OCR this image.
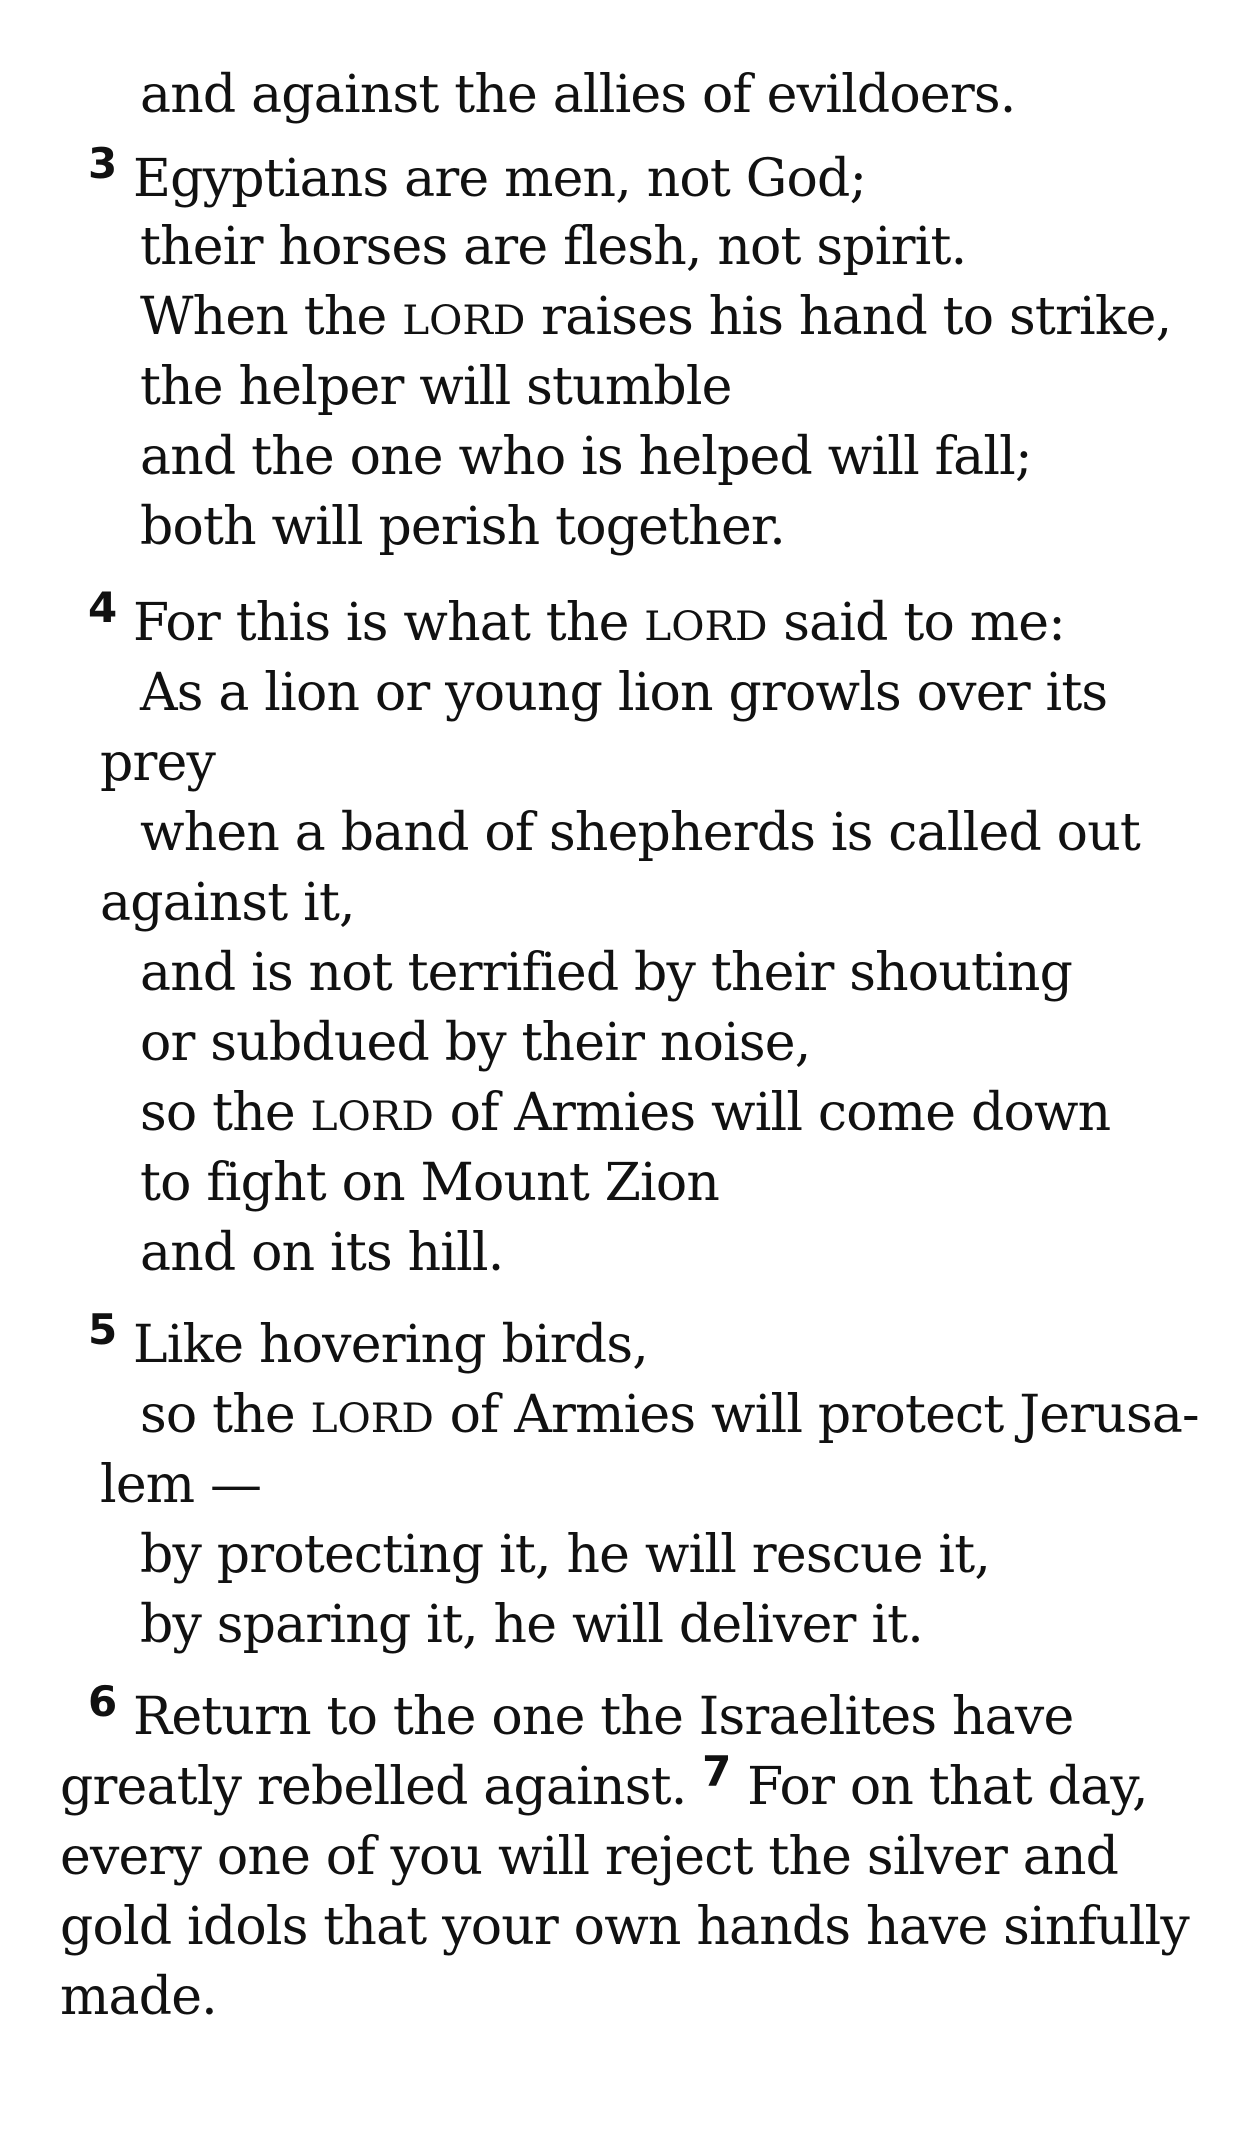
and against the allies of evildoers.

$^3$ Egyptians are men, not God;

their horses are flesh, not spirit.

When the LORD raises his hand to strike,

the helper will stumble

and the one who is helped will fall;

both will perish together.

$^4$ For this is what the LORD said to me:

As a lion or young lion growls over its

prey

when a band of shepherds is called out

against it,

and is not terrified by their shouting

or subdued by their noise,

so the LORD of Armies will come down

to fight on Mount Zion

and on its hill.

$^5$ Like hovering birds,

so the LORD of Armies will protect Jerusa-

lem —

by protecting it, he will rescue it,

by sparing it, he will deliver it.

$^6$ Return to the one the Israelites have

greatly rebelled against. $^7$ For on that day,

every one of you will reject the silver and

gold idols that your own hands have sinfully

made.
